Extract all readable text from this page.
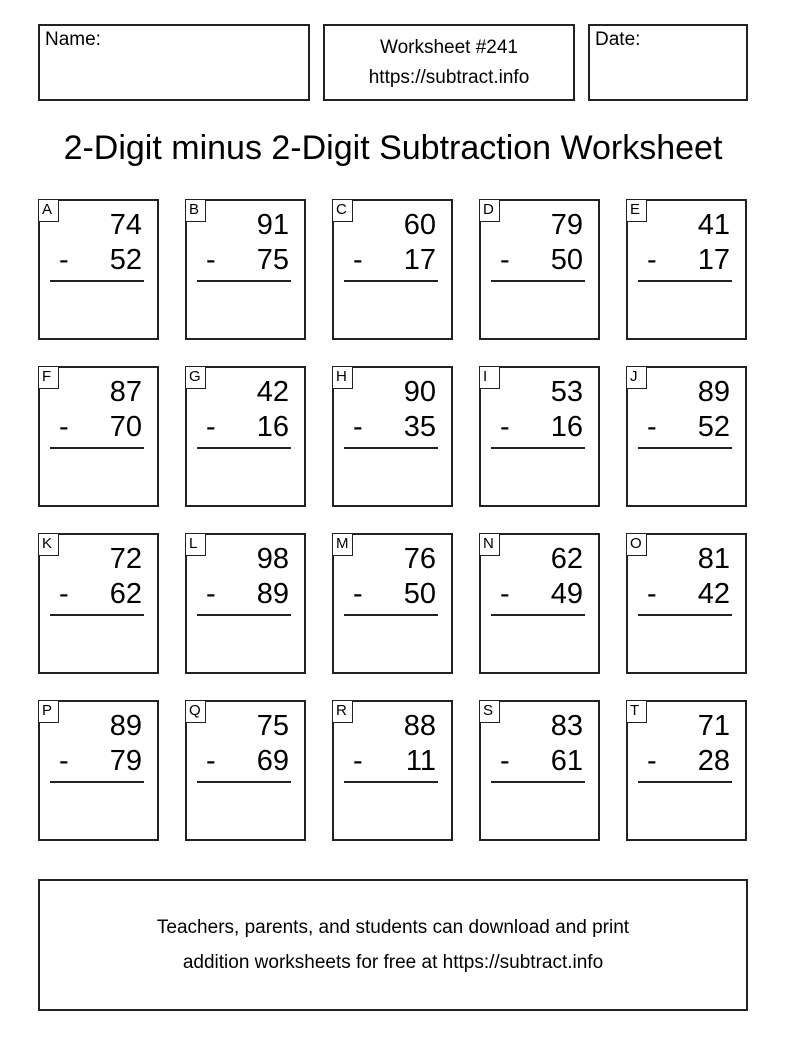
Name:	Worksheet #241
https://subtract.info
Date:
2-Digit minus 2-Digit Subtraction Worksheet
A 74
- 52
B 91
- 75
C 60
- 17
D 79
- 50
E 41
- 17
F 87
- 70
G 42
- 16
H 90
- 35
I	53
- 16
J	89
- 52
K 72
- 62
L 98
- 89
M 76
- 50
N 62
- 49
O 81
- 42
P 89
- 79
Q 75
- 69
R 88
- 11
S 83
- 61
T 71
- 28
Teachers, parents, and students can download and print
addition worksheets for free at https://subtract.info
